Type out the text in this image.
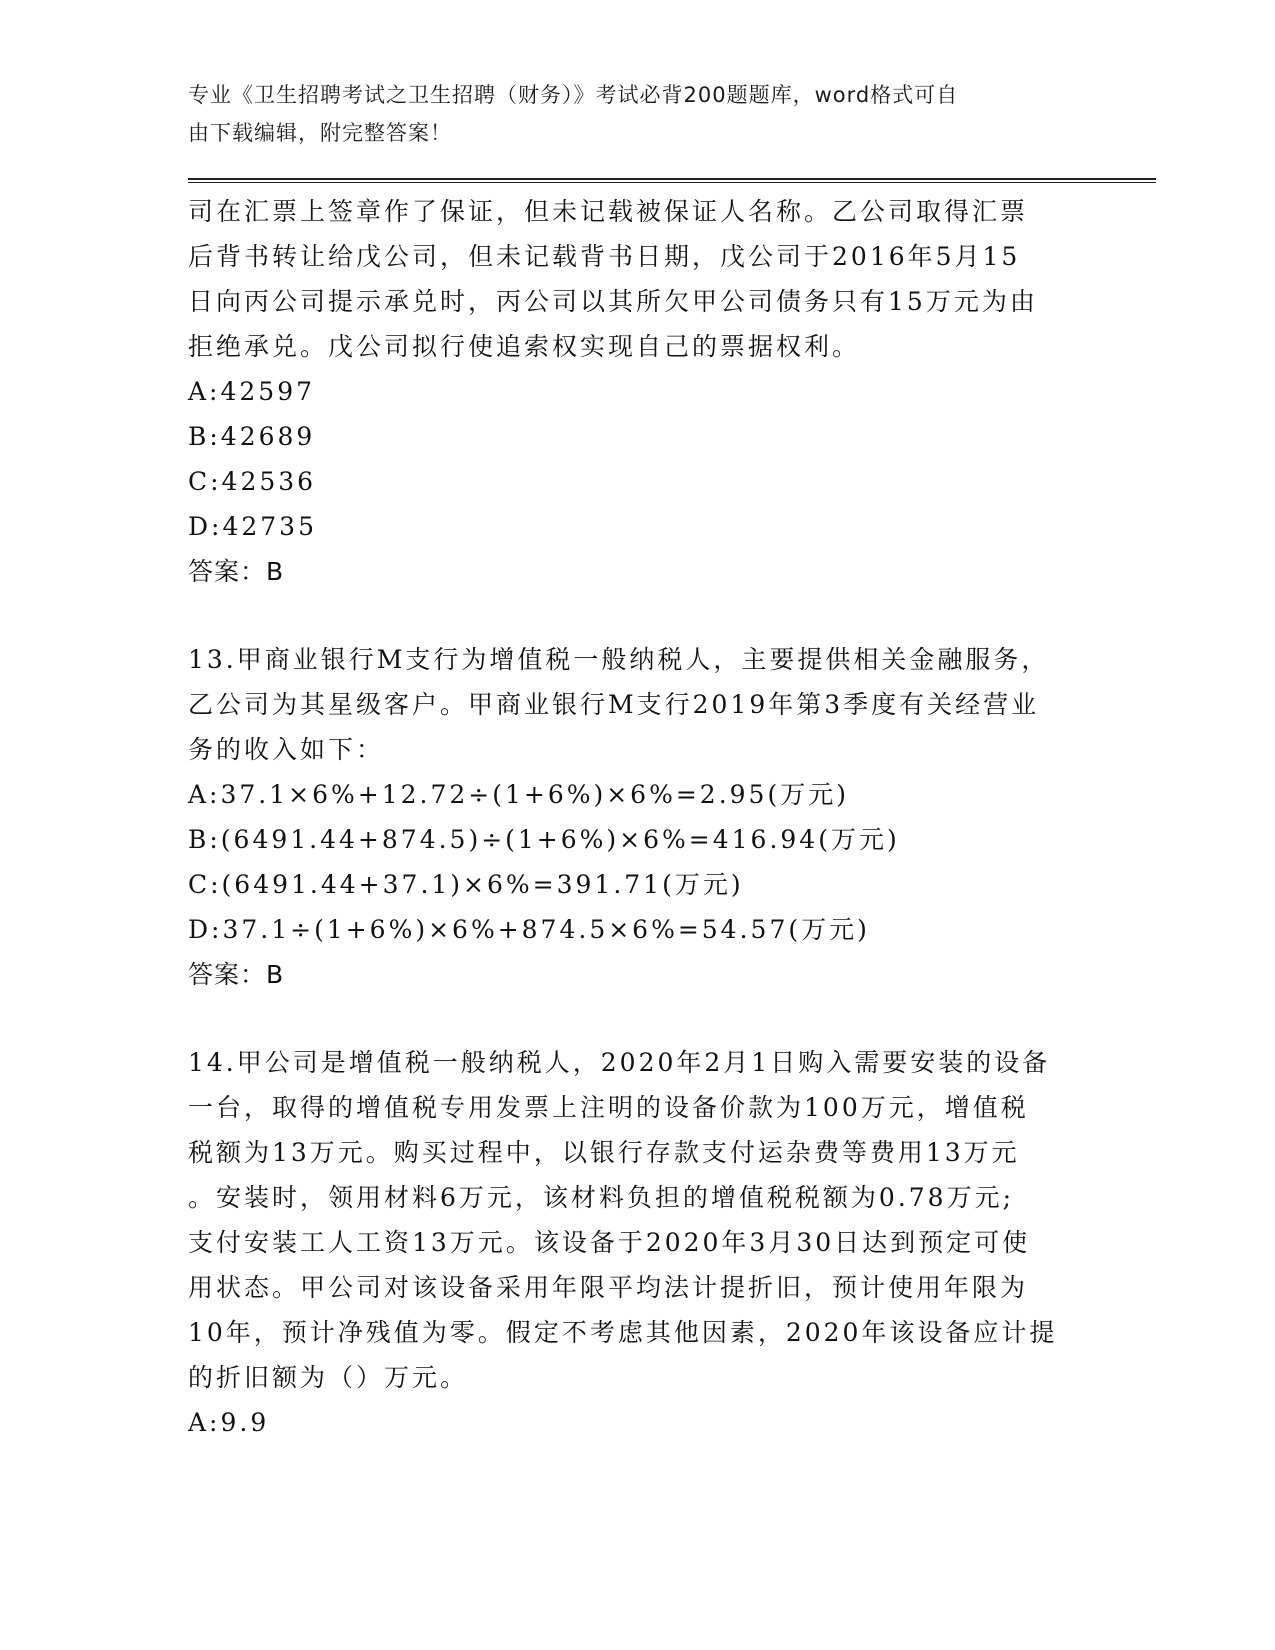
专业《卫生招聘考试之卫生招聘（财务）》考试必背200题题库，word格式可自
由下载编辑，附完整答案！
司在汇票上签章作了保证，但未记载被保证人名称。乙公司取得汇票
后背书转让给戊公司，但未记载背书日期，戊公司于2016年5月15
日向丙公司提示承兑时，丙公司以其所欠甲公司债务只有15万元为由
拒绝承兑。戊公司拟行使追索权实现自己的票据权利。
A:42597
B:42689
C:42536
D:42735
答案：B
13.甲商业银行M支行为增值税一般纳税人，主要提供相关金融服务，
乙公司为其星级客户。甲商业银行M支行2019年第3季度有关经营业
务的收入如下：
A:37.1×6%+12.72÷(1+6%)×6%=2.95(万元)
B:(6491.44+874.5)÷(1+6%)×6%=416.94(万元)
C:(6491.44+37.1)×6%=391.71(万元)
D:37.1÷(1+6%)×6%+874.5×6%=54.57(万元)
答案：B
14.甲公司是增值税一般纳税人，2020年2月1日购入需要安装的设备
一台，取得的增值税专用发票上注明的设备价款为100万元，增值税
税额为13万元。购买过程中，以银行存款支付运杂费等费用13万元
。安装时，领用材料6万元，该材料负担的增值税税额为0.78万元;
支付安装工人工资13万元。该设备于2020年3月30日达到预定可使
用状态。甲公司对该设备采用年限平均法计提折旧，预计使用年限为
10年，预计净残值为零。假定不考虑其他因素，2020年该设备应计提
的折旧额为（）万元。
A:9.9
